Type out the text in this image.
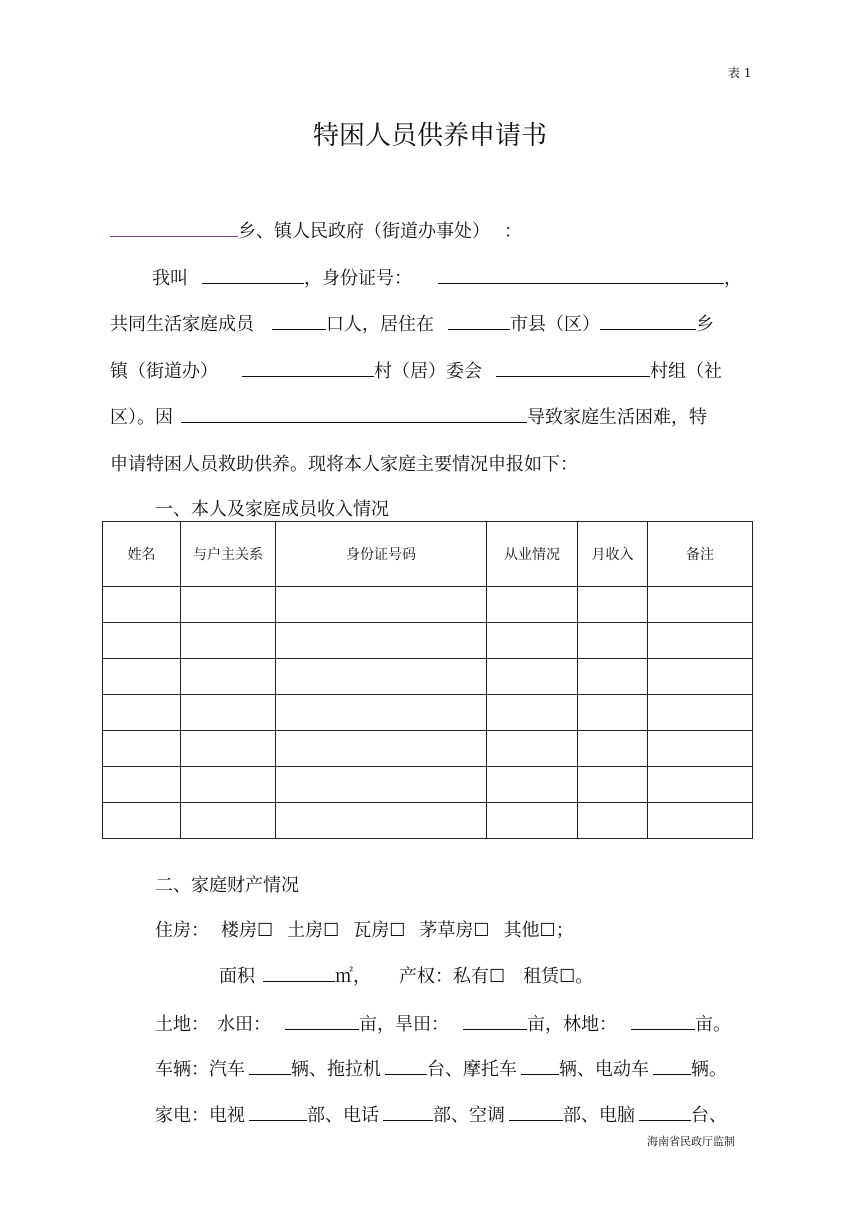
表 1
特困人员供养申请书
乡、镇人民政府（街道办事处） ：
我叫	，身份证号：	，
共同生活家庭成员	口人，居住在	市县（区）	乡
镇（街道办）	村（居）委会	村组（社
区）。因	导致家庭生活困难，特
申请特困人员救助供养。现将本人家庭主要情况申报如下：
一、本人及家庭成员收入情况
姓名	与户主关系	身份证号码	从业情况	月收入	备注

二、家庭财产情况
住房： 楼房☐ 土房☐ 瓦房☐ 茅草房☐ 其他☐；
面积	㎡， 产权：私有☐ 租赁☐。
土地： 水田：	亩，旱田：	亩，林地：	亩。
车辆：汽车	辆、拖拉机	台、摩托车 辆、电动车 辆。
家电：电视	部、电话	部、空调	部、电脑	台、
海南省民政厅监制
